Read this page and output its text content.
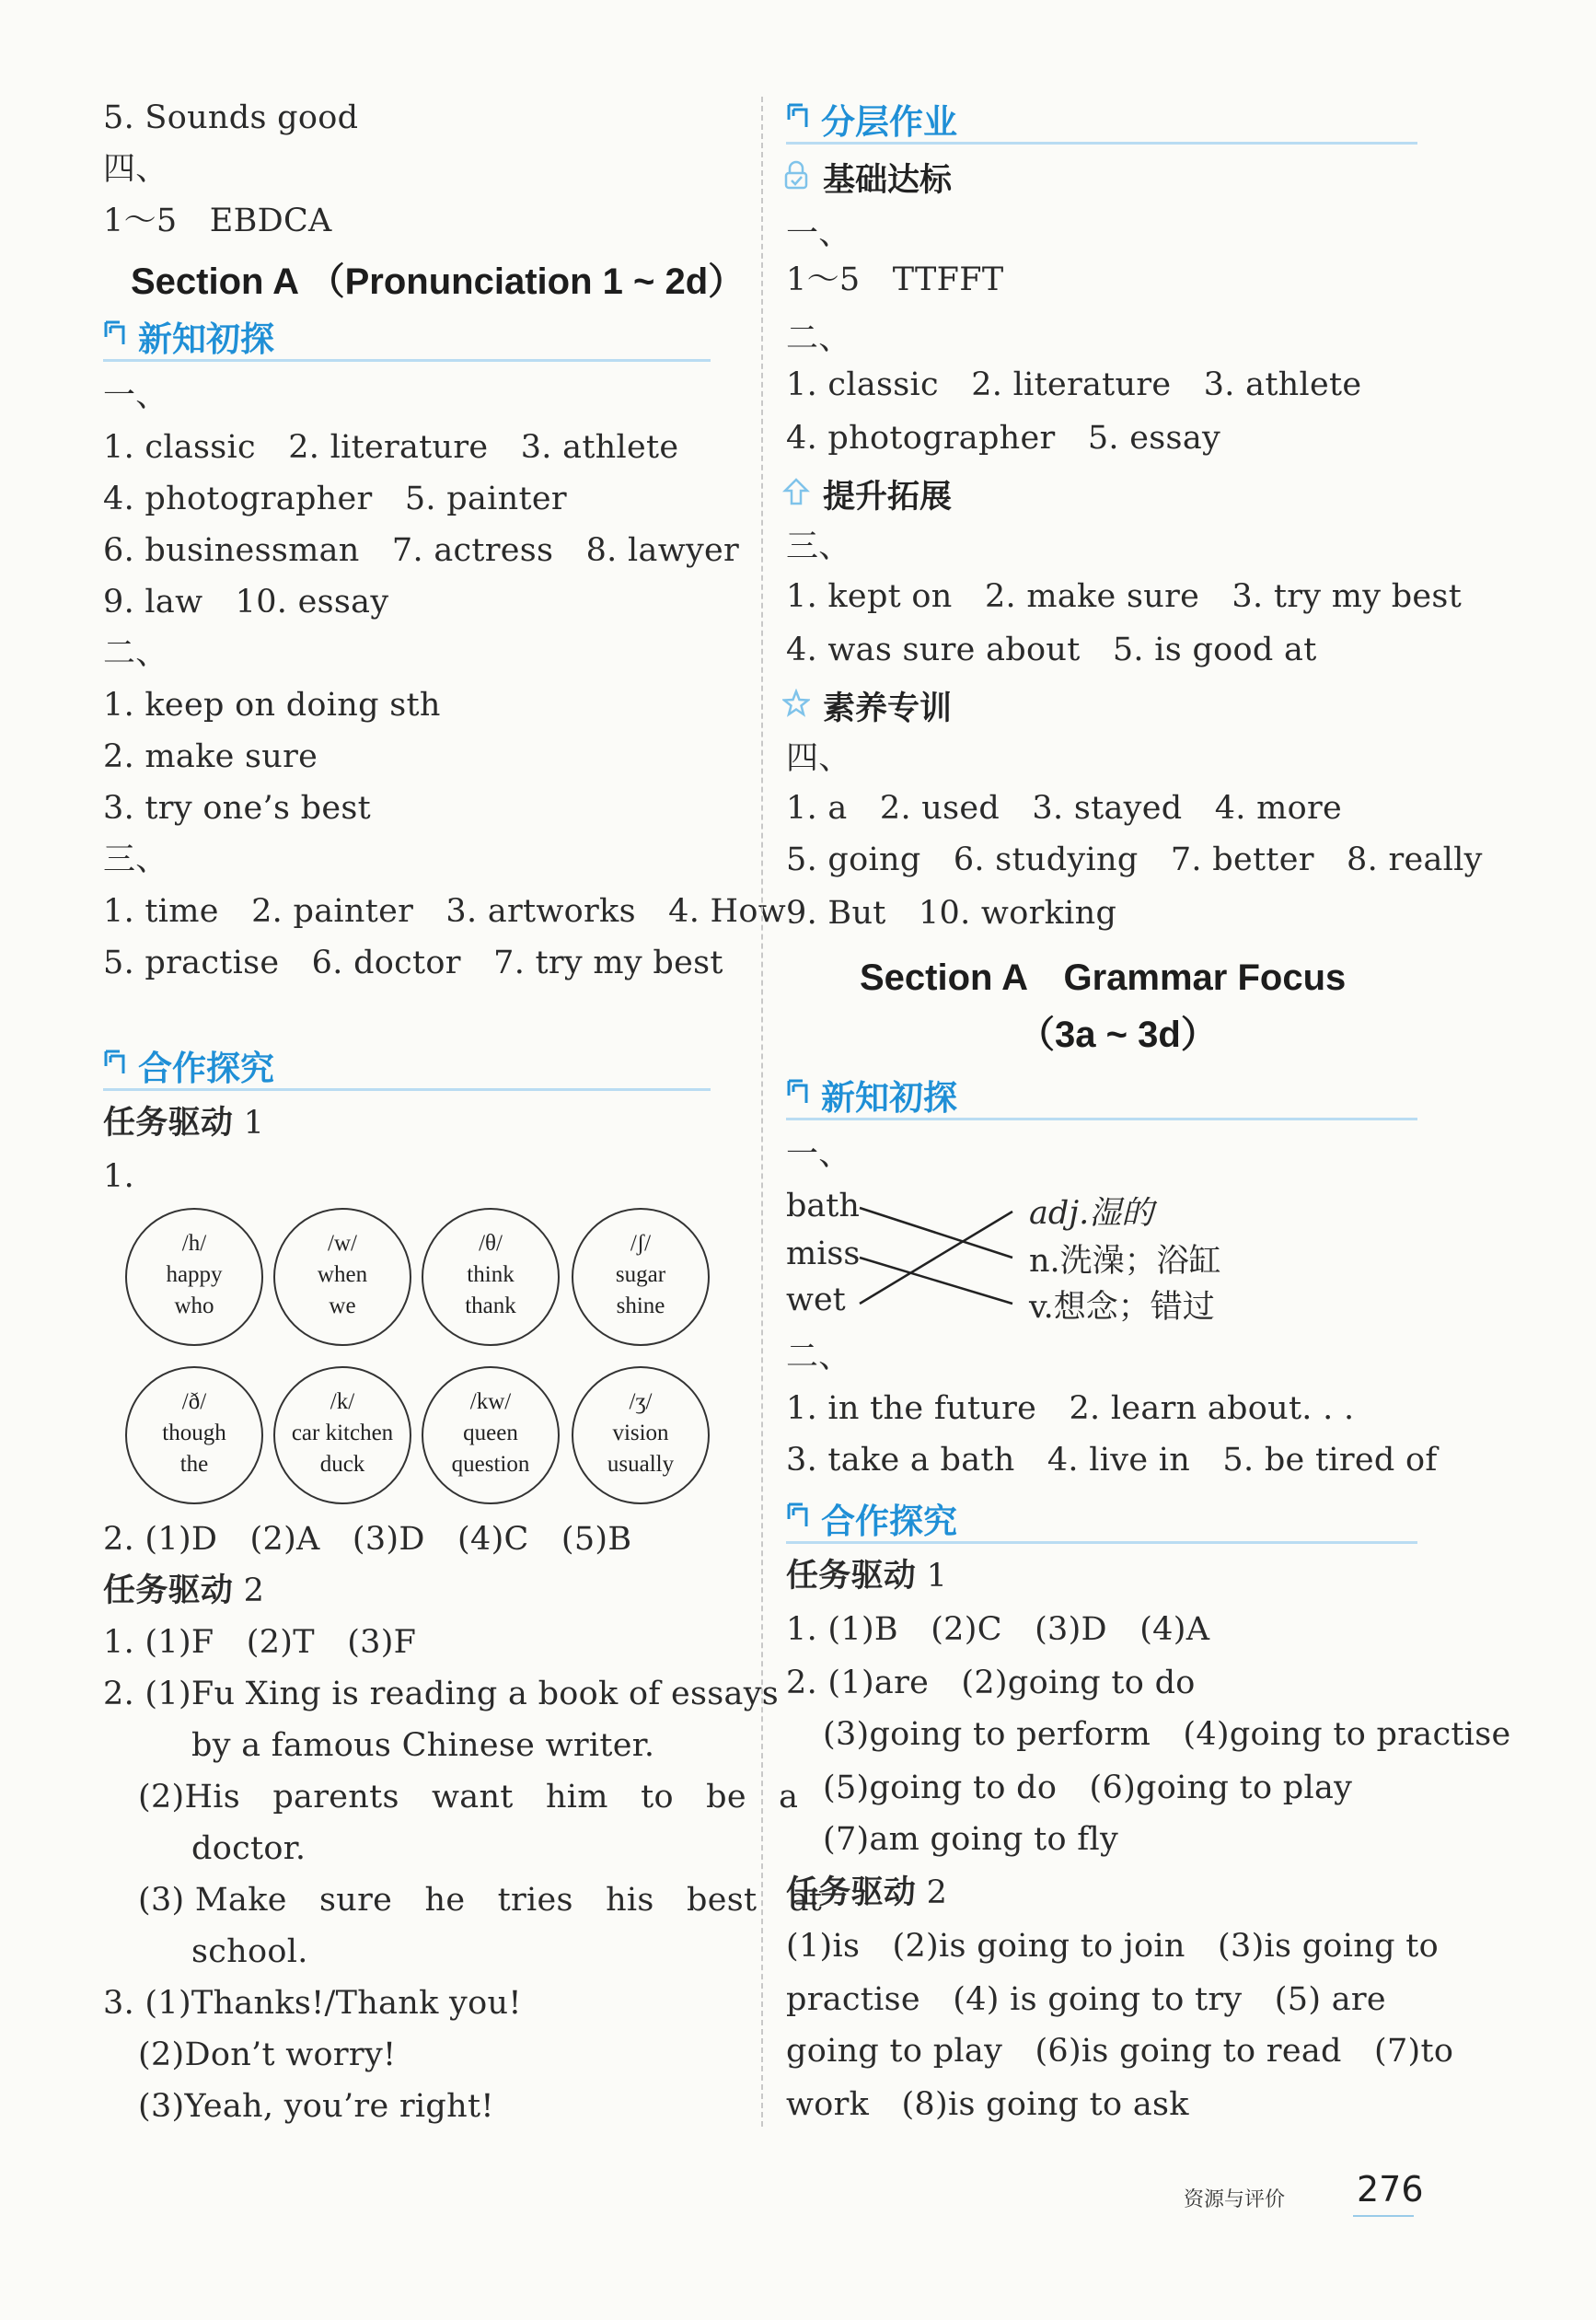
5. Sounds good
四、
1～5　EBDCA
Section A （Pronunciation 1 ~ 2d）
新知初探
一、
1. classic　2. literature　3. athlete
4. photographer　5. painter
6. businessman　7. actress　8. lawyer
9. law　10. essay
二、
1. keep on doing sth
2. make sure
3. try one’s best
三、
1. time　2. painter　3. artworks　4. How
5. practise　6. doctor　7. try my best
合作探究
任务驱动 1
1.
/h/
happy
who
/w/
when
we
/θ/
think
thank
/ʃ/
sugar
shine
/ð/
though
the
/k/
car kitchen
duck
/kw/
queen
question
/ʒ/
vision
usually
2. (1)D　(2)A　(3)D　(4)C　(5)B
任务驱动 2
1. (1)F　(2)T　(3)F
2. (1)Fu Xing is reading a book of essays
by a famous Chinese writer.
(2)His　parents　want　him　to　be　a
doctor.
(3) Make　sure　he　tries　his　best　at
school.
3. (1)Thanks!/Thank you!
(2)Don’t worry!
(3)Yeah, you’re right!
分层作业
基础达标
一、
1～5　TTFFT
二、
1. classic　2. literature　3. athlete
4. photographer　5. essay
提升拓展
三、
1. kept on　2. make sure　3. try my best
4. was sure about　5. is good at
素养专训
四、
1. a　2. used　3. stayed　4. more
5. going　6. studying　7. better　8. really
9. But　10. working
Section A　Grammar Focus
（3a ~ 3d）
新知初探
一、
bath
miss
wet
adj.湿的
n.洗澡；浴缸
v.想念；错过
二、
1. in the future　2. learn about. . .
3. take a bath　4. live in　5. be tired of
合作探究
任务驱动 1
1. (1)B　(2)C　(3)D　(4)A
2. (1)are　(2)going to do
(3)going to perform　(4)going to practise
(5)going to do　(6)going to play
(7)am going to fly
任务驱动 2
(1)is　(2)is going to join　(3)is going to
practise　(4) is going to try　(5) are
going to play　(6)is going to read　(7)to
work　(8)is going to ask
资源与评价 276
